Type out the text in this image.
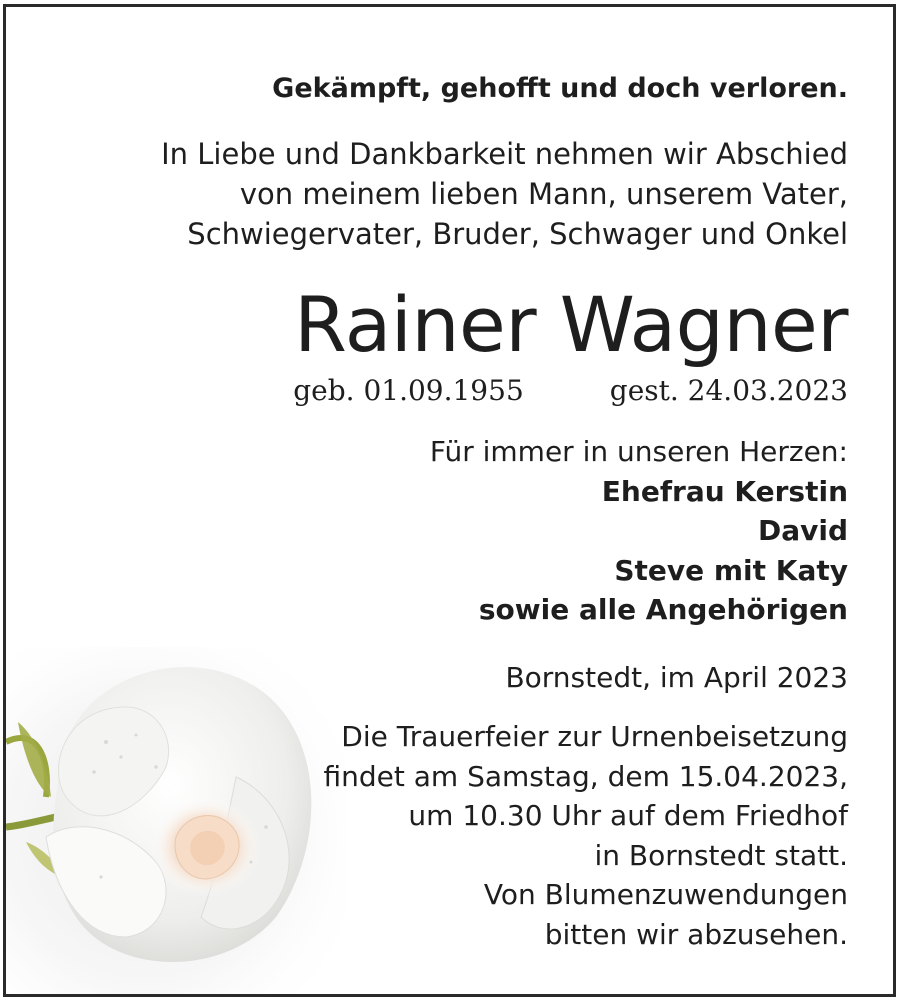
Gekämpft, gehofft und doch verloren.
In Liebe und Dankbarkeit nehmen wir Abschied
von meinem lieben Mann, unserem Vater,
Schwiegervater, Bruder, Schwager und Onkel
Rainer Wagner
geb. 01.09.1955	gest. 24.03.2023
Für immer in unseren Herzen:
Ehefrau Kerstin
David
Steve mit Katy
sowie alle Angehörigen
Bornstedt, im April 2023
Die Trauerfeier zur Urnenbeisetzung
findet am Samstag, dem 15.04.2023,
um 10.30 Uhr auf dem Friedhof
in Bornstedt statt.
Von Blumenzuwendungen
bitten wir abzusehen.
